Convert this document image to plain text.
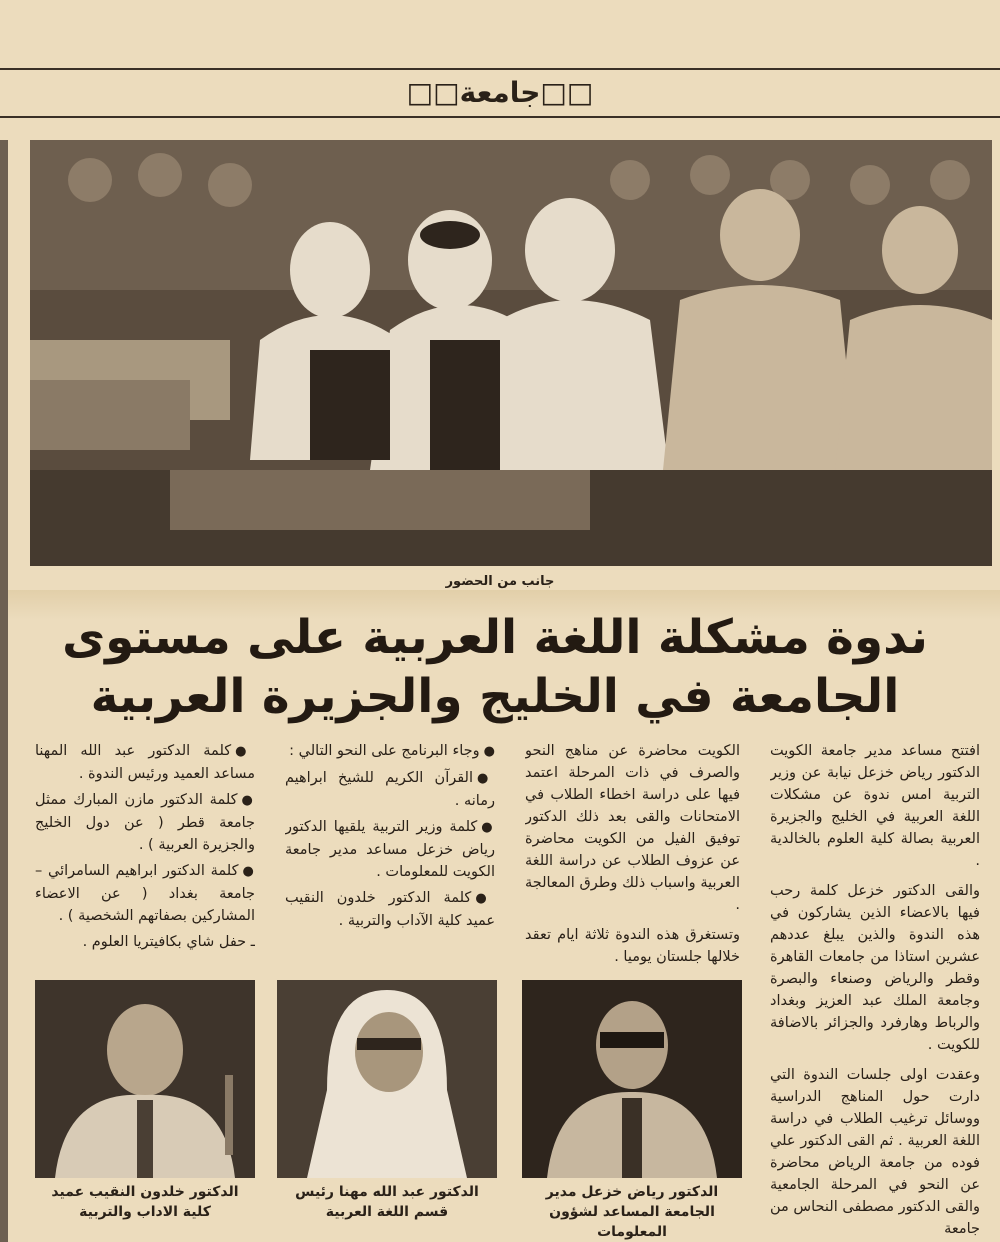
□□جامعة□□
جانب من الحضور
ندوة مشكلة اللغة العربية على مستوى
الجامعة في الخليج والجزيرة العربية

افتتح مساعد مدير جامعة الكويت الدكتور رياض خزعل نيابة عن وزير التربية امس ندوة عن مشكلات اللغة العربية في الخليج والجزيرة العربية بصالة كلية العلوم بالخالدية .

والقى الدكتور خزعل كلمة رحب فيها بالاعضاء الذين يشاركون في هذه الندوة والذين يبلغ عددهم عشرين استاذا من جامعات القاهرة وقطر والرياض وصنعاء والبصرة وجامعة الملك عبد العزيز وبغداد والرباط وهارفرد والجزائر بالاضافة للكويت .

وعقدت اولى جلسات الندوة التي دارت حول المناهج الدراسية ووسائل ترغيب الطلاب في دراسة اللغة العربية . ثم القى الدكتور علي فوده من جامعة الرياض محاضرة عن النحو في المرحلة الجامعية والقى الدكتور مصطفى النحاس من جامعة

الكويت محاضرة عن مناهج النحو والصرف في ذات المرحلة اعتمد فيها على دراسة اخطاء الطلاب في الامتحانات والقى بعد ذلك الدكتور توفيق الفيل من الكويت محاضرة عن عزوف الطلاب عن دراسة اللغة العربية واسباب ذلك وطرق المعالجة .

وتستغرق هذه الندوة ثلاثة ايام تعقد خلالها جلستان يوميا .

●وجاء البرنامج على النحو التالي :
●القرآن الكريم للشيخ ابراهيم رمانه .
●كلمة وزير التربية يلقيها الدكتور رياض خزعل مساعد مدير جامعة الكويت للمعلومات .
●كلمة الدكتور خلدون النقيب عميد كلية الآداب والتربية .
●كلمة الدكتور عبد الله المهنا مساعد العميد ورئيس الندوة .
●كلمة الدكتور مازن المبارك ممثل جامعة قطر ( عن دول الخليج والجزيرة العربية ) .
●كلمة الدكتور ابراهيم السامرائي – جامعة بغداد ( عن الاعضاء المشاركين بصفاتهم الشخصية ) .
ـ حفل شاي بكافيتريا العلوم .
الدكتور خلدون النقيب عميد كلية الاداب والتربية
الدكتور عبد الله مهنا رئيس قسم اللغة العربية
الدكتور رياض خزعل مدير الجامعة المساعد لشؤون المعلومات
